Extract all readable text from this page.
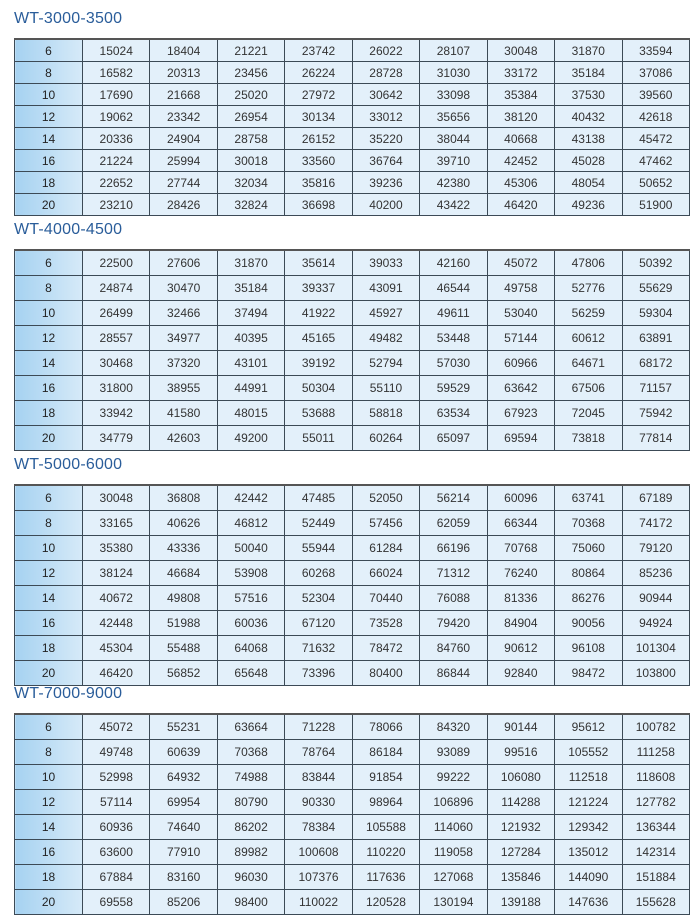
WT-3000-3500
6	15024	18404	21221	23742	26022	28107	30048	31870	33594
8	16582	20313	23456	26224	28728	31030	33172	35184	37086
10	17690	21668	25020	27972	30642	33098	35384	37530	39560
12	19062	23342	26954	30134	33012	35656	38120	40432	42618
14	20336	24904	28758	26152	35220	38044	40668	43138	45472
16	21224	25994	30018	33560	36764	39710	42452	45028	47462
18	22652	27744	32034	35816	39236	42380	45306	48054	50652
20	23210	28426	32824	36698	40200	43422	46420	49236	51900
WT-4000-4500
6	22500	27606	31870	35614	39033	42160	45072	47806	50392
8	24874	30470	35184	39337	43091	46544	49758	52776	55629
10	26499	32466	37494	41922	45927	49611	53040	56259	59304
12	28557	34977	40395	45165	49482	53448	57144	60612	63891
14	30468	37320	43101	39192	52794	57030	60966	64671	68172
16	31800	38955	44991	50304	55110	59529	63642	67506	71157
18	33942	41580	48015	53688	58818	63534	67923	72045	75942
20	34779	42603	49200	55011	60264	65097	69594	73818	77814
WT-5000-6000
6	30048	36808	42442	47485	52050	56214	60096	63741	67189
8	33165	40626	46812	52449	57456	62059	66344	70368	74172
10	35380	43336	50040	55944	61284	66196	70768	75060	79120
12	38124	46684	53908	60268	66024	71312	76240	80864	85236
14	40672	49808	57516	52304	70440	76088	81336	86276	90944
16	42448	51988	60036	67120	73528	79420	84904	90056	94924
18	45304	55488	64068	71632	78472	84760	90612	96108	101304
20	46420	56852	65648	73396	80400	86844	92840	98472	103800
WT-7000-9000
6	45072	55231	63664	71228	78066	84320	90144	95612	100782
8	49748	60639	70368	78764	86184	93089	99516	105552	111258
10	52998	64932	74988	83844	91854	99222	106080	112518	118608
12	57114	69954	80790	90330	98964	106896	114288	121224	127782
14	60936	74640	86202	78384	105588	114060	121932	129342	136344
16	63600	77910	89982	100608	110220	119058	127284	135012	142314
18	67884	83160	96030	107376	117636	127068	135846	144090	151884
20	69558	85206	98400	110022	120528	130194	139188	147636	155628
